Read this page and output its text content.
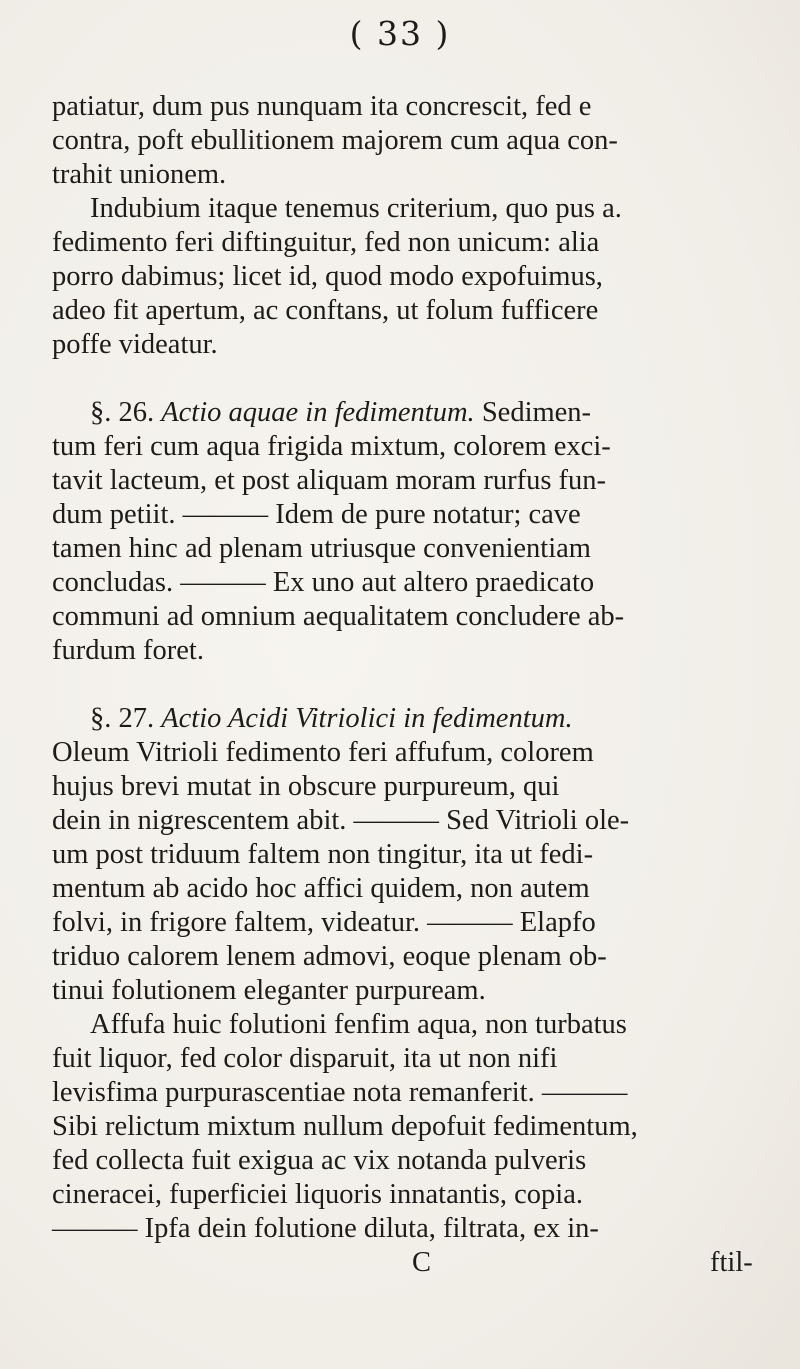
( 33 )
patiatur, dum pus nunquam ita concrescit, fed e
contra, poft ebullitionem majorem cum aqua con-
trahit unionem.
Indubium itaque tenemus criterium, quo pus a.
fedimento feri diftinguitur, fed non unicum: alia
porro dabimus; licet id, quod modo expofuimus,
adeo fit apertum, ac conftans, ut folum fufficere
poffe videatur.
§. 26. Actio aquae in fedimentum. Sedimen-
tum feri cum aqua frigida mixtum, colorem exci-
tavit lacteum, et post aliquam moram rurfus fun-
dum petiit. ——— Idem de pure notatur; cave
tamen hinc ad plenam utriusque convenientiam
concludas. ——— Ex uno aut altero praedicato
communi ad omnium aequalitatem concludere ab-
furdum foret.
§. 27. Actio Acidi Vitriolici in fedimentum.
Oleum Vitrioli fedimento feri affufum, colorem
hujus brevi mutat in obscure purpureum, qui
dein in nigrescentem abit. ——— Sed Vitrioli ole-
um post triduum faltem non tingitur, ita ut fedi-
mentum ab acido hoc affici quidem, non autem
folvi, in frigore faltem, videatur. ——— Elapfo
triduo calorem lenem admovi, eoque plenam ob-
tinui folutionem eleganter purpuream.
Affufa huic folutioni fenfim aqua, non turbatus
fuit liquor, fed color disparuit, ita ut non nifi
levisfima purpurascentiae nota remanferit. ———
Sibi relictum mixtum nullum depofuit fedimentum,
fed collecta fuit exigua ac vix notanda pulveris
cineracei, fuperficiei liquoris innatantis, copia.
——— Ipfa dein folutione diluta, filtrata, ex in-
C	ftil-
